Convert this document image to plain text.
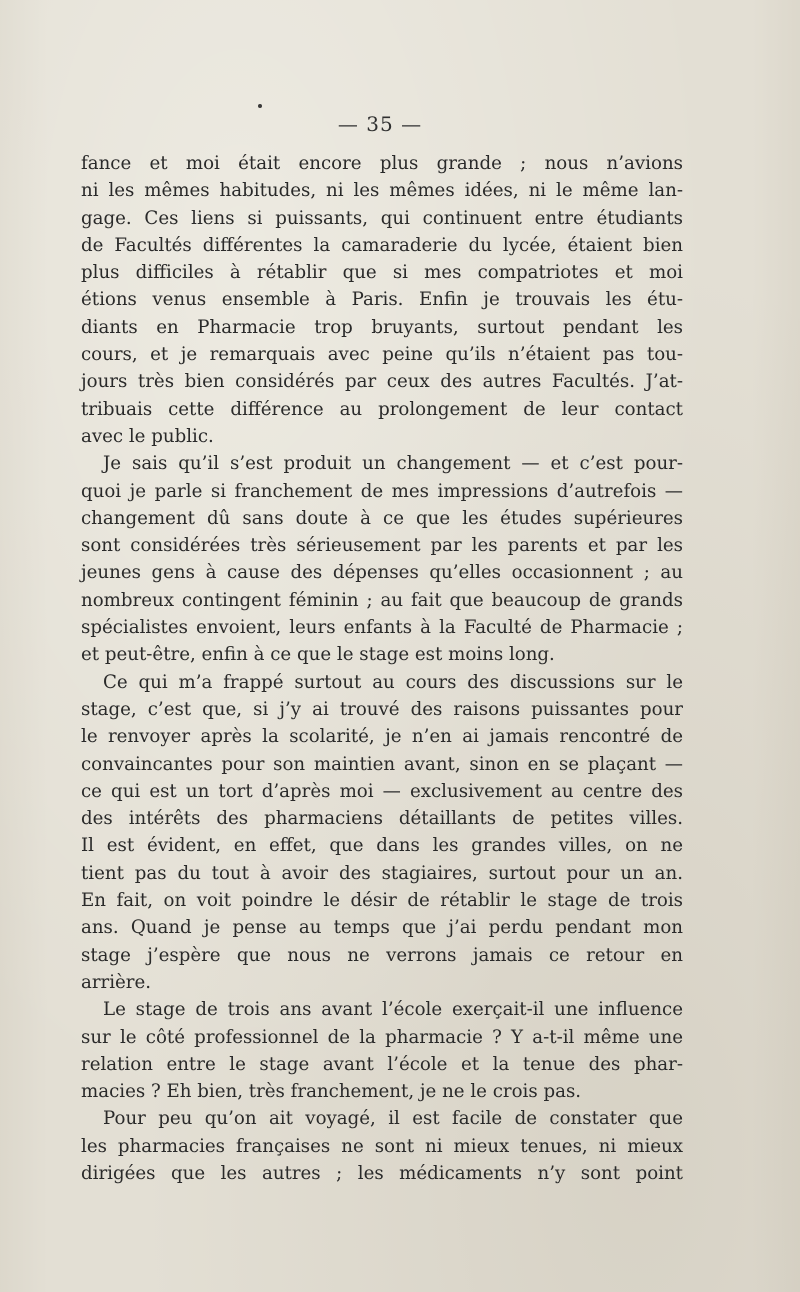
— 35 —
fance et moi était encore plus grande ; nous n’avions
ni les mêmes habitudes, ni les mêmes idées, ni le même lan-
gage. Ces liens si puissants, qui continuent entre étudiants
de Facultés différentes la camaraderie du lycée, étaient bien
plus difficiles à rétablir que si mes compatriotes et moi
étions venus ensemble à Paris. Enfin je trouvais les étu-
diants en Pharmacie trop bruyants, surtout pendant les
cours, et je remarquais avec peine qu’ils n’étaient pas tou-
jours très bien considérés par ceux des autres Facultés. J’at-
tribuais cette différence au prolongement de leur contact
avec le public.
Je sais qu’il s’est produit un changement — et c’est pour-
quoi je parle si franchement de mes impressions d’autrefois —
changement dû sans doute à ce que les études supérieures
sont considérées très sérieusement par les parents et par les
jeunes gens à cause des dépenses qu’elles occasionnent ; au
nombreux contingent féminin ; au fait que beaucoup de grands
spécialistes envoient, leurs enfants à la Faculté de Pharmacie ;
et peut-être, enfin à ce que le stage est moins long.
Ce qui m’a frappé surtout au cours des discussions sur le
stage, c’est que, si j’y ai trouvé des raisons puissantes pour
le renvoyer après la scolarité, je n’en ai jamais rencontré de
convaincantes pour son maintien avant, sinon en se plaçant —
ce qui est un tort d’après moi — exclusivement au centre des
des intérêts des pharmaciens détaillants de petites villes.
Il est évident, en effet, que dans les grandes villes, on ne
tient pas du tout à avoir des stagiaires, surtout pour un an.
En fait, on voit poindre le désir de rétablir le stage de trois
ans. Quand je pense au temps que j’ai perdu pendant mon
stage j’espère que nous ne verrons jamais ce retour en
arrière.
Le stage de trois ans avant l’école exerçait-il une influence
sur le côté professionnel de la pharmacie ? Y a-t-il même une
relation entre le stage avant l’école et la tenue des phar-
macies ? Eh bien, très franchement, je ne le crois pas.
Pour peu qu’on ait voyagé, il est facile de constater que
les pharmacies françaises ne sont ni mieux tenues, ni mieux
dirigées que les autres ; les médicaments n’y sont point
